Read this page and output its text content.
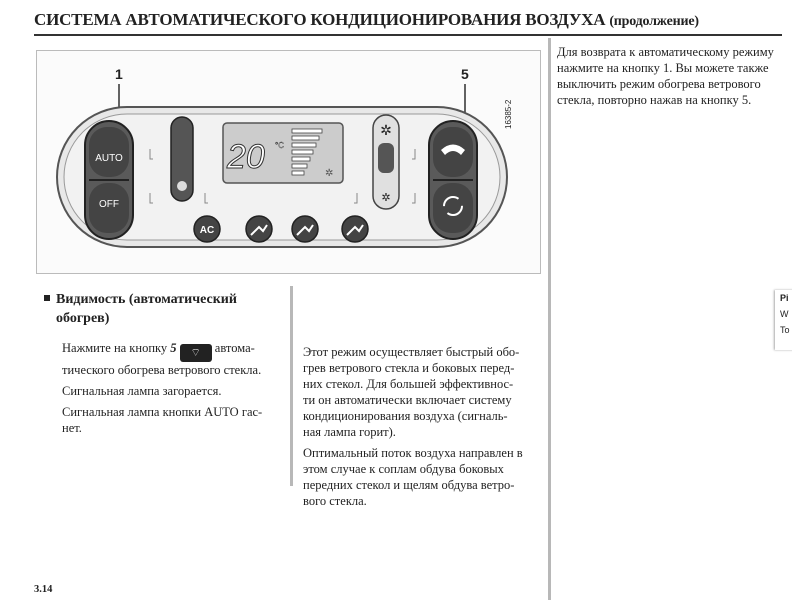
СИСТЕМА АВТОМАТИЧЕСКОГО КОНДИЦИОНИРОВАНИЯ ВОЗДУХА (продолжение)
1	5
16385-2
AUTO
OFF
20 °C
✲
✲
✲
AC
Для возврата к автоматическому режиму нажмите на кнопку 1. Вы можете также выключить режим обогрева ветрового стекла, повторно нажав на кнопку 5.
Видимость (автоматический
обогрев)

Нажмите на кнопку 5 ⌔ автома-тического обогрева ветрового стекла.

Сигнальная лампа загорается.

Сигнальная лампа кнопки AUTO гас-нет.

Этот режим осуществляет быстрый обо-грев ветрового стекла и боковых перед-них стекол. Для большей эффективнос-ти он автоматически включает систему кондиционирования воздуха (сигналь-ная лампа горит).

Оптимальный поток воздуха направлен в этом случае к соплам обдува боковых передних стекол и щелям обдува ветро-вого стекла.

3.14
Pi
W
To
